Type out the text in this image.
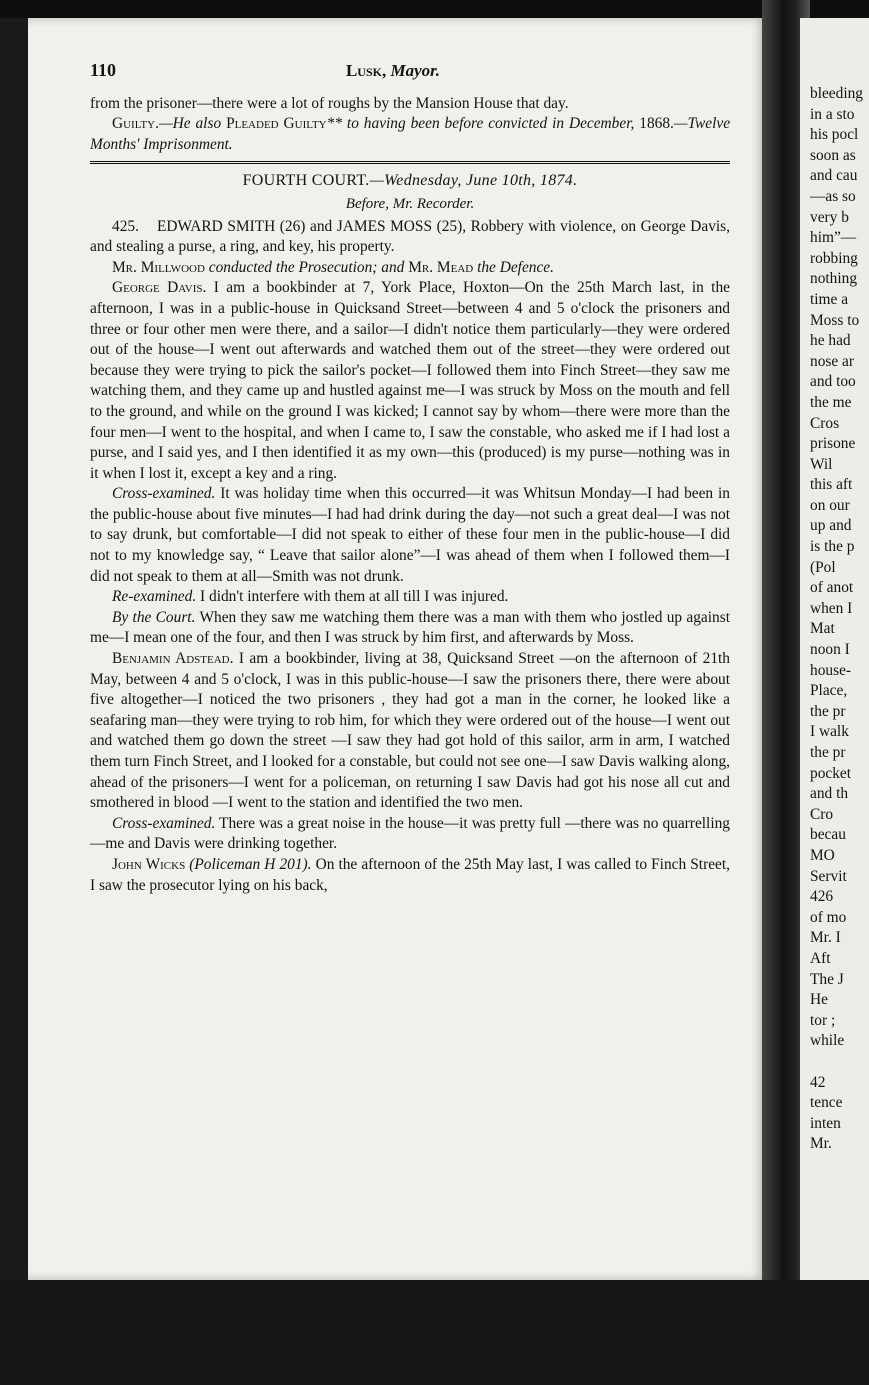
bleeding
in a sto
his pocl
soon as
and cau
—as so
very b
him”—
robbing
nothing
time a
Moss to
he had
nose ar
and too
the me
Cros
prisone
Wil
this aft
on our
up and
is the p
(Pol
of anot
when I
Mat
noon I
house-
Place,
the pr
I walk
the pr
pocket
and th
Cro
becau
MO
Servit
426
of mo
Mr. I
Aft
The J
He
tor ;
while
42
tence
inten
Mr.
110	Lusk, Mayor.

from the prisoner—there were a lot of roughs by the Mansion House that day.

Guilty.—He also Pleaded Guilty** to having been before convicted in December, 1868.—Twelve Months' Imprisonment.

FOURTH COURT.—Wednesday, June 10th, 1874.
Before, Mr. Recorder.

425. EDWARD SMITH (26) and JAMES MOSS (25), Robbery with violence, on George Davis, and stealing a purse, a ring, and key, his property.

Mr. Millwood conducted the Prosecution; and Mr. Mead the Defence.

George Davis. I am a bookbinder at 7, York Place, Hoxton—On the 25th March last, in the afternoon, I was in a public-house in Quicksand Street—between 4 and 5 o'clock the prisoners and three or four other men were there, and a sailor—I didn't notice them particularly—they were ordered out of the house—I went out afterwards and watched them out of the street—they were ordered out because they were trying to pick the sailor's pocket—I followed them into Finch Street—they saw me watching them, and they came up and hustled against me—I was struck by Moss on the mouth and fell to the ground, and while on the ground I was kicked; I cannot say by whom—there were more than the four men—I went to the hospital, and when I came to, I saw the constable, who asked me if I had lost a purse, and I said yes, and I then identified it as my own—this (produced) is my purse—nothing was in it when I lost it, except a key and a ring.

Cross-examined. It was holiday time when this occurred—it was Whitsun Monday—I had been in the public-house about five minutes—I had had drink during the day—not such a great deal—I was not to say drunk, but comfortable—I did not speak to either of these four men in the public-house—I did not to my knowledge say, “ Leave that sailor alone”—I was ahead of them when I followed them—I did not speak to them at all—Smith was not drunk.

Re-examined. I didn't interfere with them at all till I was injured.

By the Court. When they saw me watching them there was a man with them who jostled up against me—I mean one of the four, and then I was struck by him first, and afterwards by Moss.

Benjamin Adstead. I am a bookbinder, living at 38, Quicksand Street —on the afternoon of 21th May, between 4 and 5 o'clock, I was in this public-house—I saw the prisoners there, there were about five altogether—I noticed the two prisoners , they had got a man in the corner, he looked like a seafaring man—they were trying to rob him, for which they were ordered out of the house—I went out and watched them go down the street —I saw they had got hold of this sailor, arm in arm, I watched them turn Finch Street, and I looked for a constable, but could not see one—I saw Davis walking along, ahead of the prisoners—I went for a policeman, on returning I saw Davis had got his nose all cut and smothered in blood —I went to the station and identified the two men.

Cross-examined. There was a great noise in the house—it was pretty full —there was no quarrelling—me and Davis were drinking together.

John Wicks (Policeman H 201). On the afternoon of the 25th May last, I was called to Finch Street, I saw the prosecutor lying on his back,
